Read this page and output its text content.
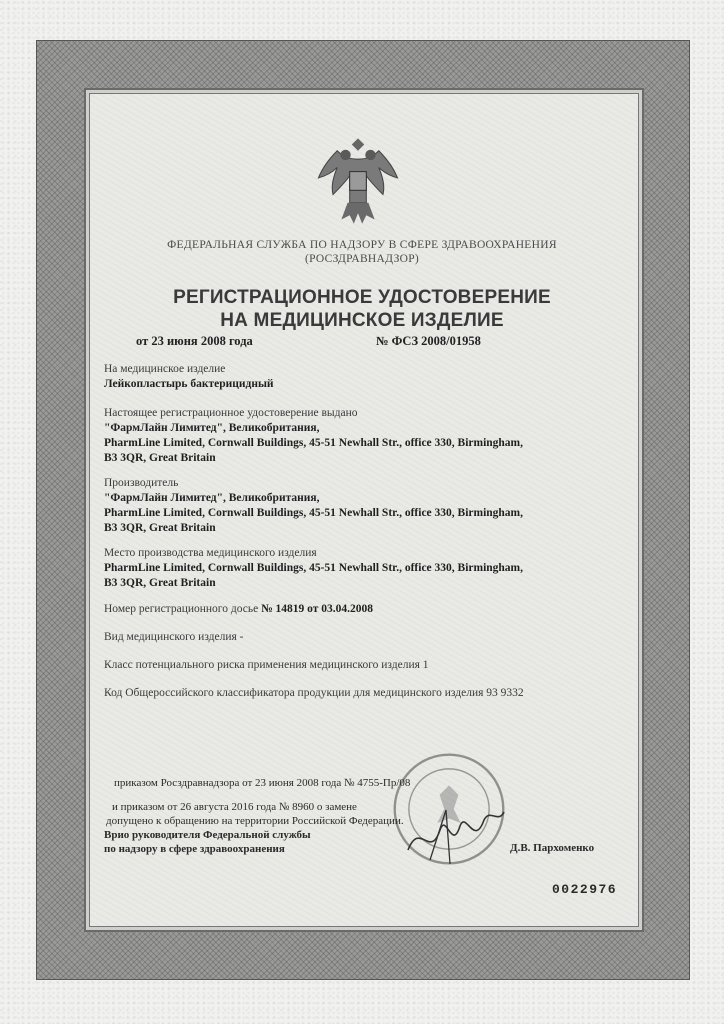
ФЕДЕРАЛЬНАЯ СЛУЖБА ПО НАДЗОРУ В СФЕРЕ ЗДРАВООХРАНЕНИЯ
(РОСЗДРАВНАДЗОР)
РЕГИСТРАЦИОННОЕ УДОСТОВЕРЕНИЕ
НА МЕДИЦИНСКОЕ ИЗДЕЛИЕ
от 23 июня 2008 года	№ ФСЗ 2008/01958
На медицинское изделие
Лейкопластырь бактерицидный
Настоящее регистрационное удостоверение выдано
"ФармЛайн Лимитед", Великобритания,
PharmLine Limited, Cornwall Buildings, 45-51 Newhall Str., office 330, Birmingham,
B3 3QR, Great Britain
Производитель
"ФармЛайн Лимитед", Великобритания,
PharmLine Limited, Cornwall Buildings, 45-51 Newhall Str., office 330, Birmingham,
B3 3QR, Great Britain
Место производства медицинского изделия
PharmLine Limited, Cornwall Buildings, 45-51 Newhall Str., office 330, Birmingham,
B3 3QR, Great Britain
Номер регистрационного досье № 14819 от 03.04.2008
Вид медицинского изделия -
Класс потенциального риска применения медицинского изделия 1
Код Общероссийского классификатора продукции для медицинского изделия 93 9332
приказом Росздравнадзора от 23 июня 2008 года № 4755-Пр/08
и приказом от 26 августа 2016 года № 8960 о замене
допущено к обращению на территории Российской Федерации.
Врио руководителя Федеральной службы
по надзору в сфере здравоохранения	Д.В. Пархоменко
0022976
